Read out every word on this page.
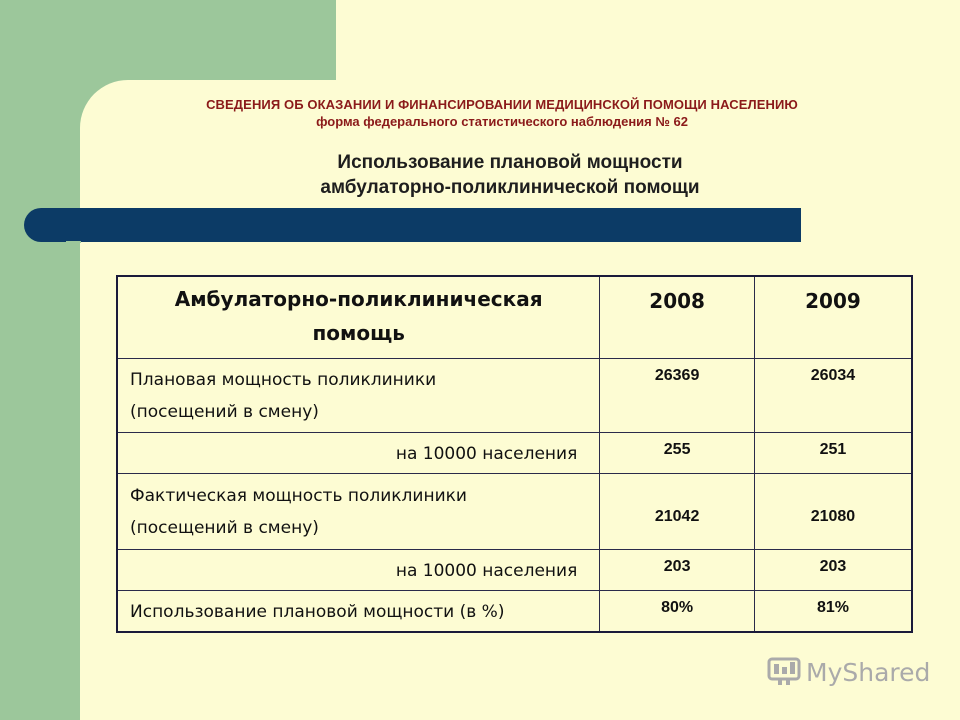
СВЕДЕНИЯ ОБ ОКАЗАНИИ И ФИНАНСИРОВАНИИ МЕДИЦИНСКОЙ ПОМОЩИ НАСЕЛЕНИЮ
форма федерального статистического наблюдения № 62
Использование плановой мощности
амбулаторно-поликлинической помощи
Амбулаторно-поликлиническая
помощь	2008	2009

Плановая мощность поликлиники
(посещений в смену)	26369	26034
на 10000 населения	255	251

Фактическая мощность поликлиники
(посещений в смену)	21042	21080
на 10000 населения	203	203
Использование плановой мощности (в %)	80%	81%
MyShared
